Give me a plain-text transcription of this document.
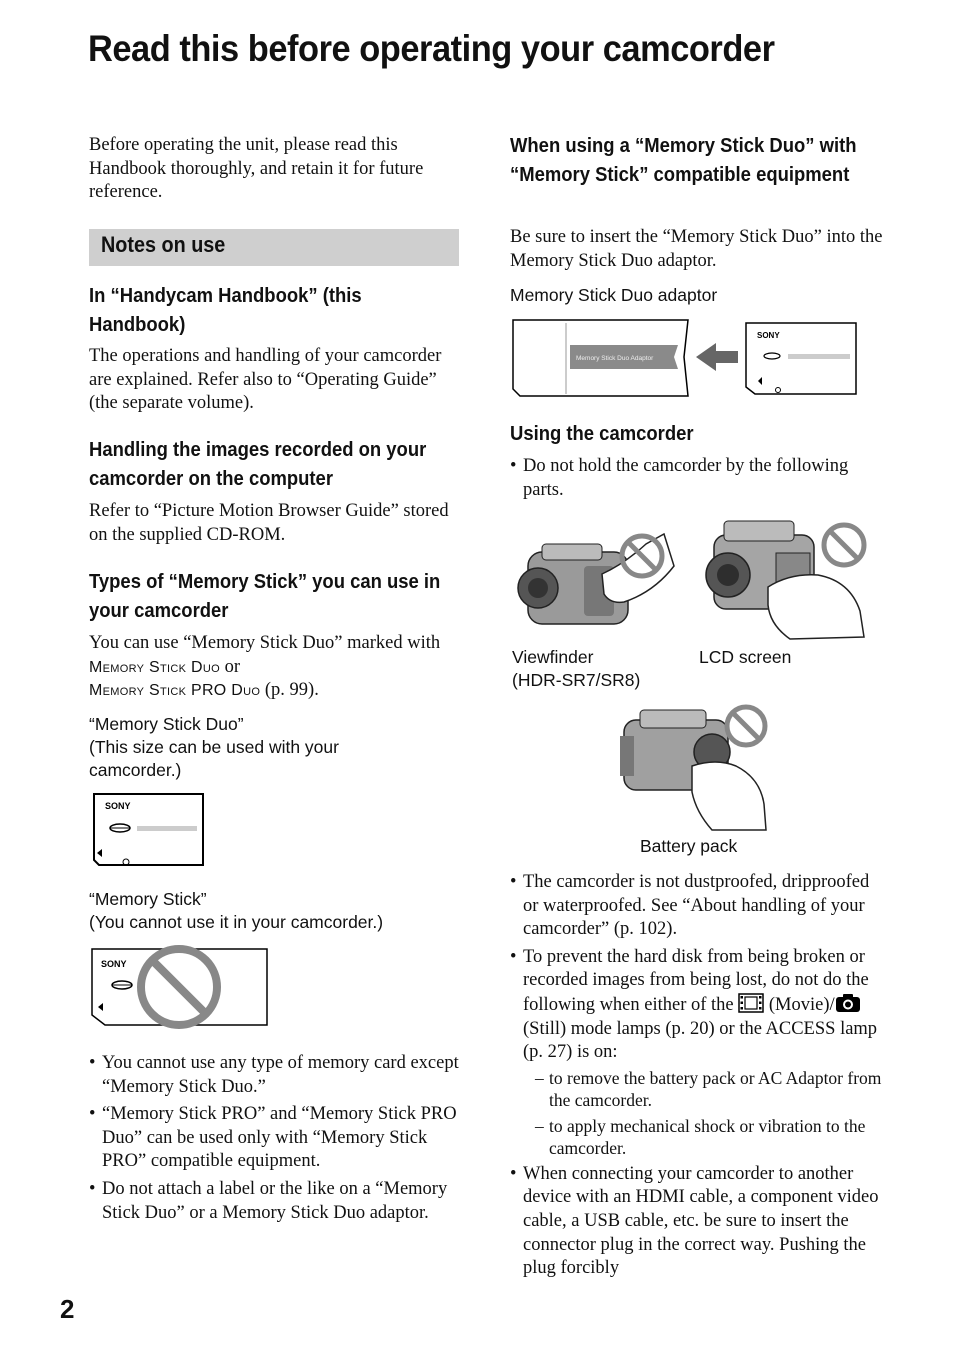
Read this before operating your camcorder
Before operating the unit, please read this Handbook thoroughly, and retain it for future reference.
Notes on use
In “Handycam Handbook” (this Handbook)
The operations and handling of your camcorder are explained. Refer also to “Operating Guide” (the separate volume).
Handling the images recorded on your camcorder on the computer
Refer to “Picture Motion Browser Guide” stored on the supplied CD-ROM.
Types of “Memory Stick” you can use in your camcorder
You can use “Memory Stick Duo” marked with
Memory Stick Duo or
Memory Stick PRO Duo (p. 99).
“Memory Stick Duo”
(This size can be used with your camcorder.)
SONY
“Memory Stick”
(You cannot use it in your camcorder.)
SONY
• You cannot use any type of memory card except “Memory Stick Duo.”
• “Memory Stick PRO” and “Memory Stick PRO Duo” can be used only with “Memory Stick PRO” compatible equipment.
• Do not attach a label or the like on a “Memory Stick Duo” or a Memory Stick Duo adaptor.
When using a “Memory Stick Duo” with “Memory Stick” compatible equipment
Be sure to insert the “Memory Stick Duo” into the Memory Stick Duo adaptor.
Memory Stick Duo adaptor
Memory Stick Duo Adaptor
SONY
Using the camcorder
• Do not hold the camcorder by the following parts.
Viewfinder
(HDR-SR7/SR8)
LCD screen
Battery pack
• The camcorder is not dustproofed, dripproofed or waterproofed. See “About handling of your camcorder” (p. 102).
• To prevent the hard disk from being broken or recorded images from being lost, do not do the following when either of the (Movie)/ (Still) mode lamps (p. 20) or the ACCESS lamp (p. 27) is on:
– to remove the battery pack or AC Adaptor from the camcorder.
– to apply mechanical shock or vibration to the camcorder.
• When connecting your camcorder to another device with an HDMI cable, a component video cable, a USB cable, etc. be sure to insert the connector plug in the correct way. Pushing the plug forcibly
2
